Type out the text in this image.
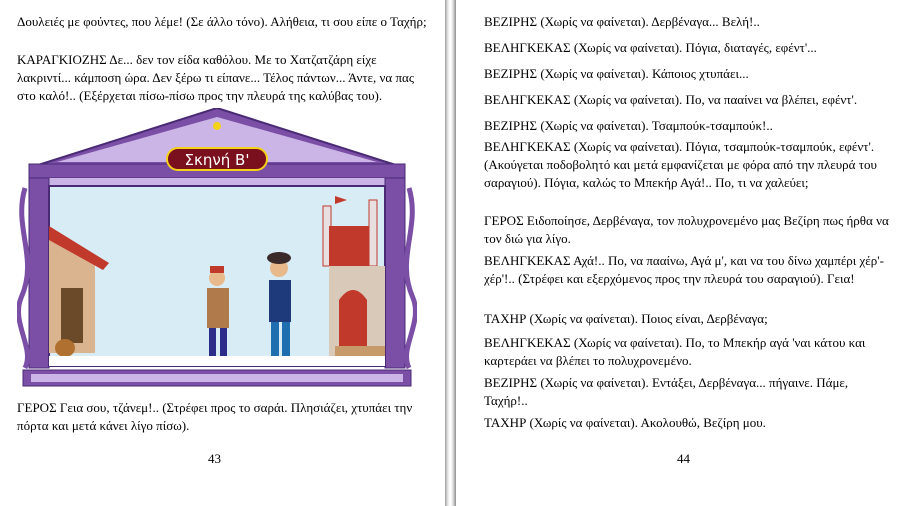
Δουλειές με φούντες, που λέμε! (Σε άλλο τόνο). Αλήθεια, τι σου είπε ο Ταχήρ;

ΚΑΡΑΓΚΙΟΖΗΣ Δε... δεν τον είδα καθόλου. Με το Χατζατζάρη είχε λακριντί... κάμποση ώρα. Δεν ξέρω τι είπανε... Τέλος πάντων... Άντε, να πας στο καλό!.. (Εξέρχεται πίσω-πίσω προς την πλευρά της καλύβας του).

Σκηνή Β'

ΓΕΡΟΣ Γεια σου, τζάνεμ!.. (Στρέφει προς το σαράι. Πλησιάζει, χτυπάει την πόρτα και μετά κάνει λίγο πίσω).

43

ΒΕΖΙΡΗΣ (Χωρίς να φαίνεται). Δερβέναγα... Βελή!..

ΒΕΛΗΓΚΕΚΑΣ (Χωρίς να φαίνεται). Πόγια, διαταγές, εφέντ'...

ΒΕΖΙΡΗΣ (Χωρίς να φαίνεται). Κάποιος χτυπάει...

ΒΕΛΗΓΚΕΚΑΣ (Χωρίς να φαίνεται). Πο, να πααίνει να βλέπει, εφέντ'.

ΒΕΖΙΡΗΣ (Χωρίς να φαίνεται). Τσαμπούκ-τσαμπούκ!..

ΒΕΛΗΓΚΕΚΑΣ (Χωρίς να φαίνεται). Πόγια, τσαμπούκ-τσαμπούκ, εφέντ'. (Ακούγεται ποδοβολητό και μετά εμφανίζεται με φόρα από την πλευρά του σαραγιού). Πόγια, καλώς το Μπεκήρ Αγά!.. Πο, τι να χαλεύει;

ΓΕΡΟΣ Ειδοποίησε, Δερβέναγα, τον πολυχρονεμένο μας Βεζίρη πως ήρθα να τον διώ για λίγο.

ΒΕΛΗΓΚΕΚΑΣ Αχά!.. Πο, να πααίνω, Αγά μ', και να του δίνω χαμπέρι χέρ'-χέρ'!.. (Στρέφει και εξερχόμενος προς την πλευρά του σαραγιού). Γεια!

ΤΑΧΗΡ (Χωρίς να φαίνεται). Ποιος είναι, Δερβέναγα;

ΒΕΛΗΓΚΕΚΑΣ (Χωρίς να φαίνεται). Πο, το Μπεκήρ αγά 'ναι κάτου και καρτεράει να βλέπει το πολυχρονεμένο.

ΒΕΖΙΡΗΣ (Χωρίς να φαίνεται). Εντάξει, Δερβέναγα... πήγαινε. Πάμε, Ταχήρ!..

ΤΑΧΗΡ (Χωρίς να φαίνεται). Ακολουθώ, Βεζίρη μου.

44
